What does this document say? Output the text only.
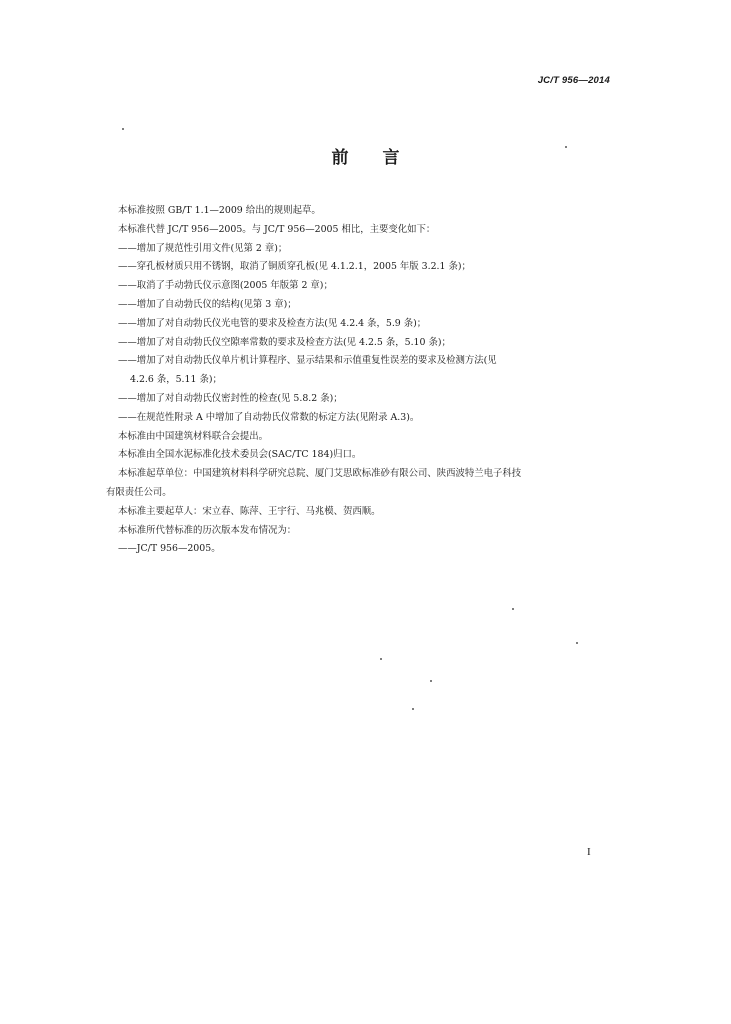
JC/T 956—2014
前言

本标准按照 GB/T 1.1—2009 给出的规则起草。

本标准代替 JC/T 956—2005。与 JC/T 956—2005 相比，主要变化如下：

——增加了规范性引用文件(见第 2 章)；

——穿孔板材质只用不锈钢，取消了铜质穿孔板(见 4.1.2.1，2005 年版 3.2.1 条)；

——取消了手动勃氏仪示意图(2005 年版第 2 章)；

——增加了自动勃氏仪的结构(见第 3 章)；

——增加了对自动勃氏仪光电管的要求及检查方法(见 4.2.4 条，5.9 条)；

——增加了对自动勃氏仪空隙率常数的要求及检查方法(见 4.2.5 条，5.10 条)；

——增加了对自动勃氏仪单片机计算程序、显示结果和示值重复性误差的要求及检测方法(见

4.2.6 条，5.11 条)；

——增加了对自动勃氏仪密封性的检查(见 5.8.2 条)；

——在规范性附录 A 中增加了自动勃氏仪常数的标定方法(见附录 A.3)。

本标准由中国建筑材料联合会提出。

本标准由全国水泥标准化技术委员会(SAC/TC 184)归口。

本标准起草单位：中国建筑材料科学研究总院、厦门艾思欧标准砂有限公司、陕西波特兰电子科技

有限责任公司。

本标准主要起草人：宋立春、陈萍、王宇行、马兆模、贺西顺。

本标准所代替标准的历次版本发布情况为：

——JC/T 956—2005。

I
